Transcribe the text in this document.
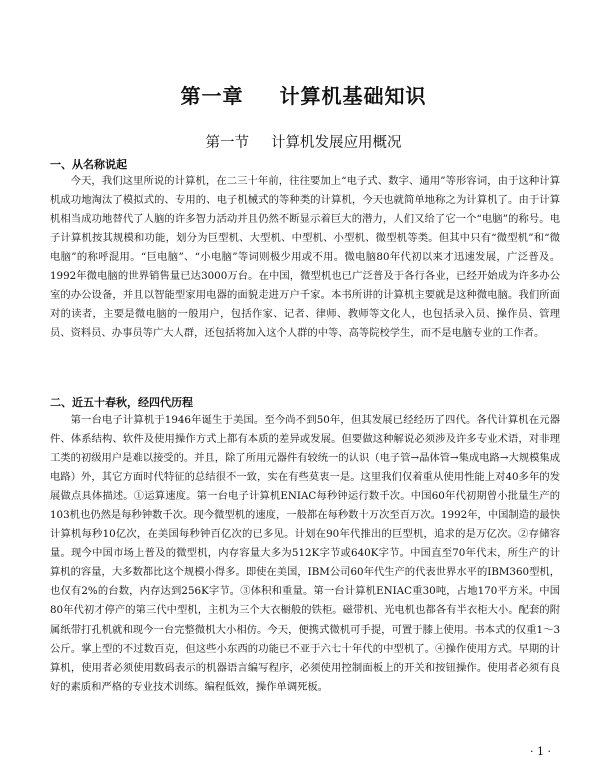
第一章 计算机基础知识
第一节 计算机发展应用概况
一、从名称说起

今天，我们这里所说的计算机，在二三十年前，往往要加上“电子式、数字、通用”等形容词，由于这种计算机成功地淘汰了模拟式的、专用的、电子机械式的等种类的计算机，今天也就简单地称之为计算机了。由于计算机相当成功地替代了人脑的许多智力活动并且仍然不断显示着巨大的潜力，人们又给了它一个“电脑”的称号。电子计算机按其规模和功能，划分为巨型机、大型机、中型机、小型机、微型机等类。但其中只有“微型机”和“微电脑”的称呼混用。“巨电脑”、“小电脑”等词则极少用或不用。微电脑80年代初以来才迅速发展，广泛普及。1992年微电脑的世界销售量已达3000万台。在中国，微型机也已广泛普及于各行各业，已经开始成为许多办公室的办公设备，并且以智能型家用电器的面貌走进万户千家。本书所讲的计算机主要就是这种微电脑。我们所面对的读者，主要是微电脑的一般用户，包括作家、记者、律师、教师等文化人，也包括录入员、操作员、管理员、资料员、办事员等广大人群，还包括将加入这个人群的中等、高等院校学生，而不是电脑专业的工作者。

二、近五十春秋，经四代历程

第一台电子计算机于1946年诞生于美国。至今尚不到50年，但其发展已经经历了四代。各代计算机在元器件、体系结构、软件及使用操作方式上都有本质的差异或发展。但要做这种解说必须涉及许多专业术语，对非理工类的初级用户是难以接受的。并且，除了所用元器件有较统一的认识（电子管→晶体管→集成电路→大规模集成电路）外，其它方面时代特征的总结很不一致，实在有些莫衷一是。这里我们仅着重从使用性能上对40多年的发展做点具体描述。①运算速度。第一台电子计算机ENIAC每秒钟运行数千次。中国60年代初期曾小批量生产的103机也仍然是每秒钟数千次。现今微型机的速度，一般都在每秒数十万次至百万次。1992年，中国制造的最快计算机每秒10亿次，在美国每秒钟百亿次的已多见。计划在90年代推出的巨型机，追求的是万亿次。②存储容量。现今中国市场上普及的微型机，内存容量大多为512K字节或640K字节。中国直至70年代末，所生产的计算机的容量，大多数都比这个规模小得多。即使在美国，IBM公司60年代生产的代表世界水平的IBM360型机，也仅有2%的台数，内存达到256K字节。③体积和重量。第一台计算机ENIAC重30吨，占地170平方米。中国80年代初才停产的第三代中型机，主机为三个大衣橱般的铁柜。磁带机、光电机也都各有半衣柜大小。配套的附属纸带打孔机就和现今一台完整微机大小相仿。今天，便携式微机可手提，可置于膝上使用。书本式的仅重1～3公斤。掌上型的不过数百克，但这些小东西的功能已不亚于六七十年代的中型机了。④操作使用方式。早期的计算机，使用者必须使用数码表示的机器语言编写程序，必须使用控制面板上的开关和按钮操作。使用者必须有良好的素质和严格的专业技术训练。编程低效，操作单调死板。

· 1 ·
